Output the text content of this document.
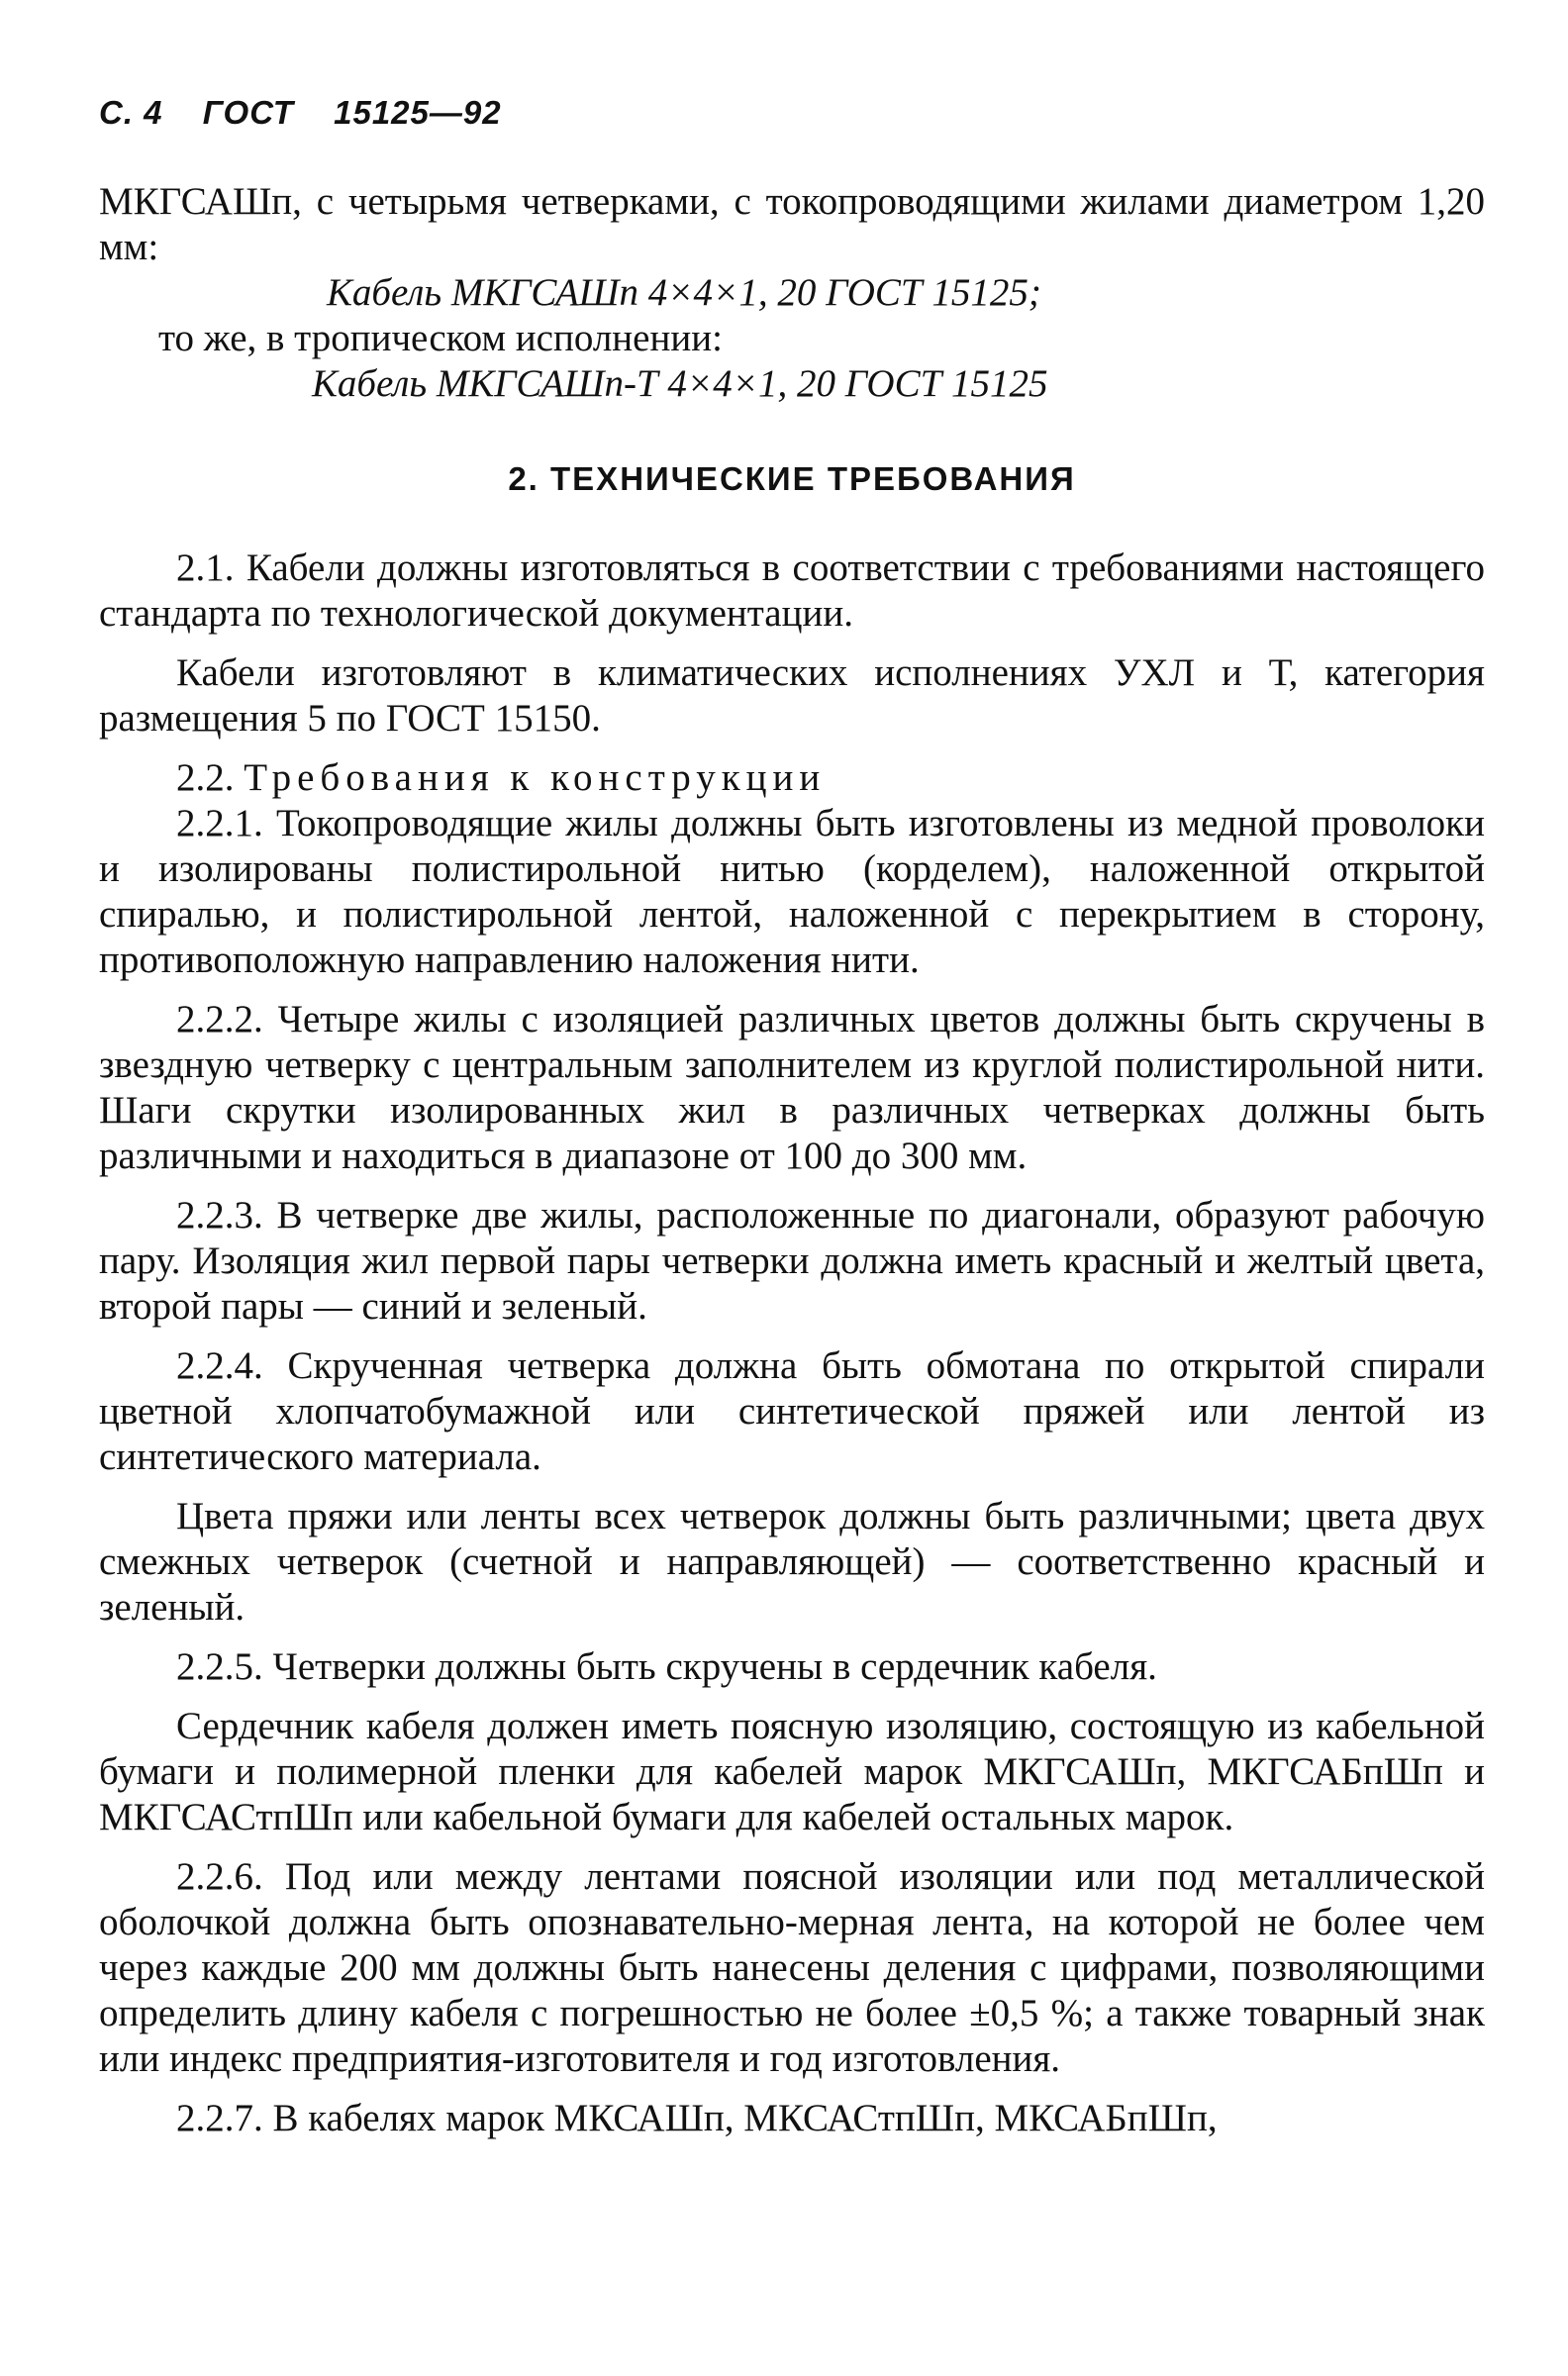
С. 4 ГОСТ 15125—92

МКГСАШп, с четырьмя четверками, с токопроводящими жилами диаметром 1,20 мм:

Кабель МКГСАШп 4×4×1, 20 ГОСТ 15125;

то же, в тропическом исполнении:

Кабель МКГСАШп-Т 4×4×1, 20 ГОСТ 15125

2. ТЕХНИЧЕСКИЕ ТРЕБОВАНИЯ

2.1. Кабели должны изготовляться в соответствии с требованиями настоящего стандарта по технологической документации.

Кабели изготовляют в климатических исполнениях УХЛ и Т, категория размещения 5 по ГОСТ 15150.

2.2. Требования к конструкции

2.2.1. Токопроводящие жилы должны быть изготовлены из медной проволоки и изолированы полистирольной нитью (корделем), наложенной открытой спиралью, и полистирольной лентой, наложенной с перекрытием в сторону, противоположную направлению наложения нити.

2.2.2. Четыре жилы с изоляцией различных цветов должны быть скручены в звездную четверку с центральным заполнителем из круглой полистирольной нити. Шаги скрутки изолированных жил в различных четверках должны быть различными и находиться в диапазоне от 100 до 300 мм.

2.2.3. В четверке две жилы, расположенные по диагонали, образуют рабочую пару. Изоляция жил первой пары четверки должна иметь красный и желтый цвета, второй пары — синий и зеленый.

2.2.4. Скрученная четверка должна быть обмотана по открытой спирали цветной хлопчатобумажной или синтетической пряжей или лентой из синтетического материала.

Цвета пряжи или ленты всех четверок должны быть различными; цвета двух смежных четверок (счетной и направляющей) — соответственно красный и зеленый.

2.2.5. Четверки должны быть скручены в сердечник кабеля.

Сердечник кабеля должен иметь поясную изоляцию, состоящую из кабельной бумаги и полимерной пленки для кабелей марок МКГСАШп, МКГСАБпШп и МКГСАСтпШп или кабельной бумаги для кабелей остальных марок.

2.2.6. Под или между лентами поясной изоляции или под металлической оболочкой должна быть опознавательно-мерная лента, на которой не более чем через каждые 200 мм должны быть нанесены деления с цифрами, позволяющими определить длину кабеля с погрешностью не более ±0,5 %; а также товарный знак или индекс предприятия-изготовителя и год изготовления.

2.2.7. В кабелях марок МКСАШп, МКСАСтпШп, МКСАБпШп,
